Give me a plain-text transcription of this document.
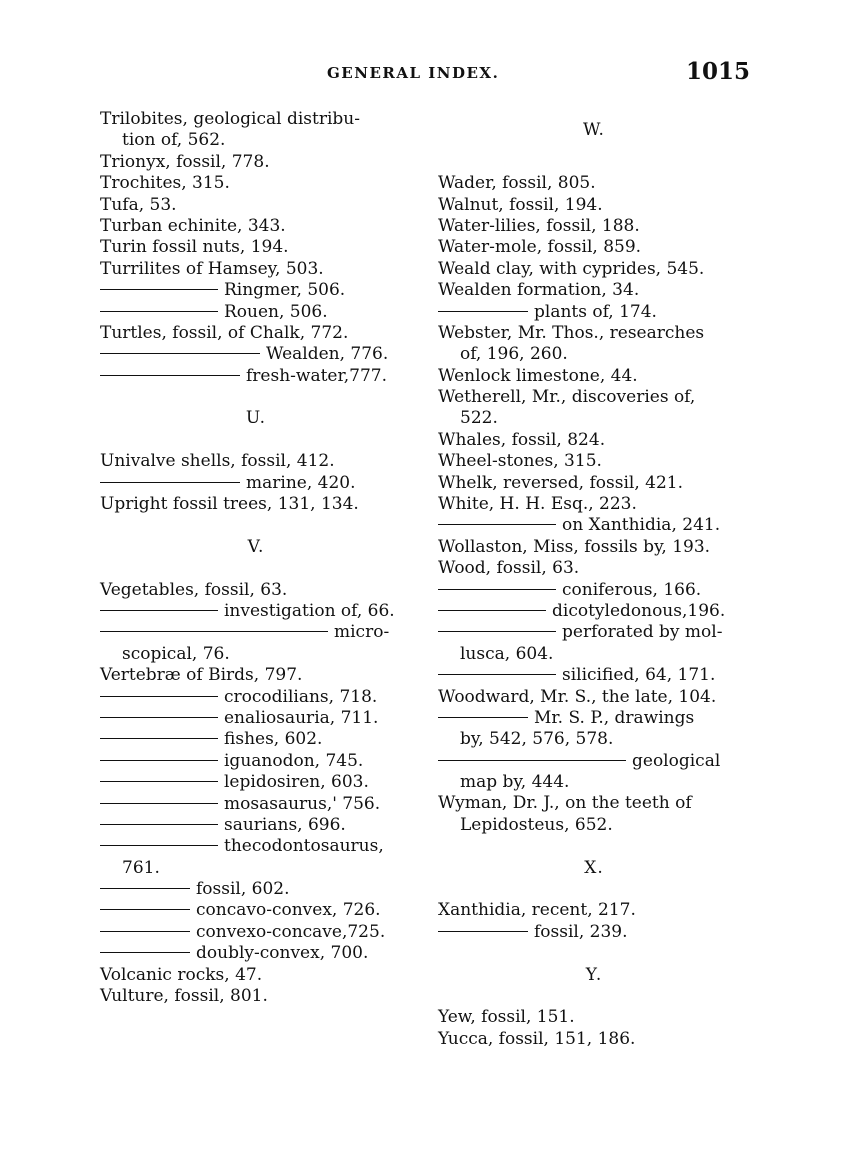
GENERAL INDEX.	1015
Trilobites, geological distribu-
tion of, 562.
Trionyx, fossil, 778.
Trochites, 315.
Tufa, 53.
Turban echinite, 343.
Turin fossil nuts, 194.
Turrilites of Hamsey, 503.
Ringmer, 506.
Rouen, 506.
Turtles, fossil, of Chalk, 772.
Wealden, 776.
fresh-water,777.
U.
Univalve shells, fossil, 412.
marine, 420.
Upright fossil trees, 131, 134.
V.
Vegetables, fossil, 63.
investigation of, 66.
micro-
scopical, 76.
Vertebræ of Birds, 797.
crocodilians, 718.
enaliosauria, 711.
fishes, 602.
iguanodon, 745.
lepidosiren, 603.
mosasaurus,' 756.
saurians, 696.
thecodontosaurus,
761.
fossil, 602.
concavo-convex, 726.
convexo-concave,725.
doubly-convex, 700.
Volcanic rocks, 47.
Vulture, fossil, 801.
W.
Wader, fossil, 805.
Walnut, fossil, 194.
Water-lilies, fossil, 188.
Water-mole, fossil, 859.
Weald clay, with cyprides, 545.
Wealden formation, 34.
plants of, 174.
Webster, Mr. Thos., researches
of, 196, 260.
Wenlock limestone, 44.
Wetherell, Mr., discoveries of,
522.
Whales, fossil, 824.
Wheel-stones, 315.
Whelk, reversed, fossil, 421.
White, H. H. Esq., 223.
on Xanthidia, 241.
Wollaston, Miss, fossils by, 193.
Wood, fossil, 63.
coniferous, 166.
dicotyledonous,196.
perforated by mol-
lusca, 604.
silicified, 64, 171.
Woodward, Mr. S., the late, 104.
Mr. S. P., drawings
by, 542, 576, 578.
geological
map by, 444.
Wyman, Dr. J., on the teeth of
Lepidosteus, 652.
X.
Xanthidia, recent, 217.
fossil, 239.
Y.
Yew, fossil, 151.
Yucca, fossil, 151, 186.
